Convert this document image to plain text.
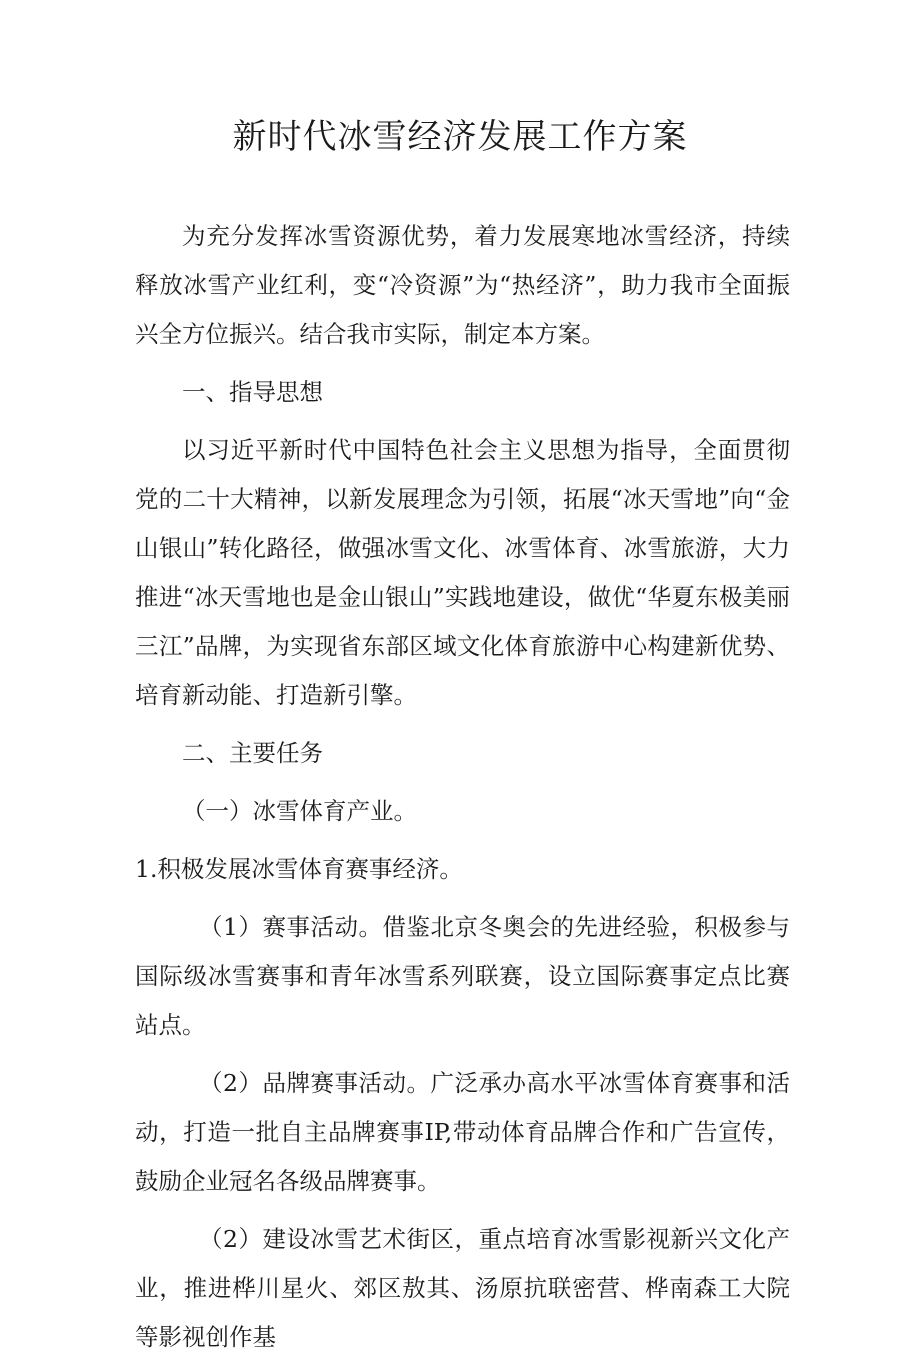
新时代冰雪经济发展工作方案

为充分发挥冰雪资源优势，着力发展寒地冰雪经济，持续释放冰雪产业红利，变“冷资源”为“热经济”，助力我市全面振兴全方位振兴。结合我市实际，制定本方案。

一、指导思想

以习近平新时代中国特色社会主义思想为指导，全面贯彻党的二十大精神，以新发展理念为引领，拓展“冰天雪地”向“金山银山”转化路径，做强冰雪文化、冰雪体育、冰雪旅游，大力推进“冰天雪地也是金山银山”实践地建设，做优“华夏东极美丽三江”品牌，为实现省东部区域文化体育旅游中心构建新优势、培育新动能、打造新引擎。

二、主要任务

（一）冰雪体育产业。

1.积极发展冰雪体育赛事经济。

（1）赛事活动。借鉴北京冬奥会的先进经验，积极参与国际级冰雪赛事和青年冰雪系列联赛，设立国际赛事定点比赛站点。

（2）品牌赛事活动。广泛承办高水平冰雪体育赛事和活动，打造一批自主品牌赛事IP,带动体育品牌合作和广告宣传，鼓励企业冠名各级品牌赛事。

（2）建设冰雪艺术街区，重点培育冰雪影视新兴文化产业，推进桦川星火、郊区敖其、汤原抗联密营、桦南森工大院等影视创作基
